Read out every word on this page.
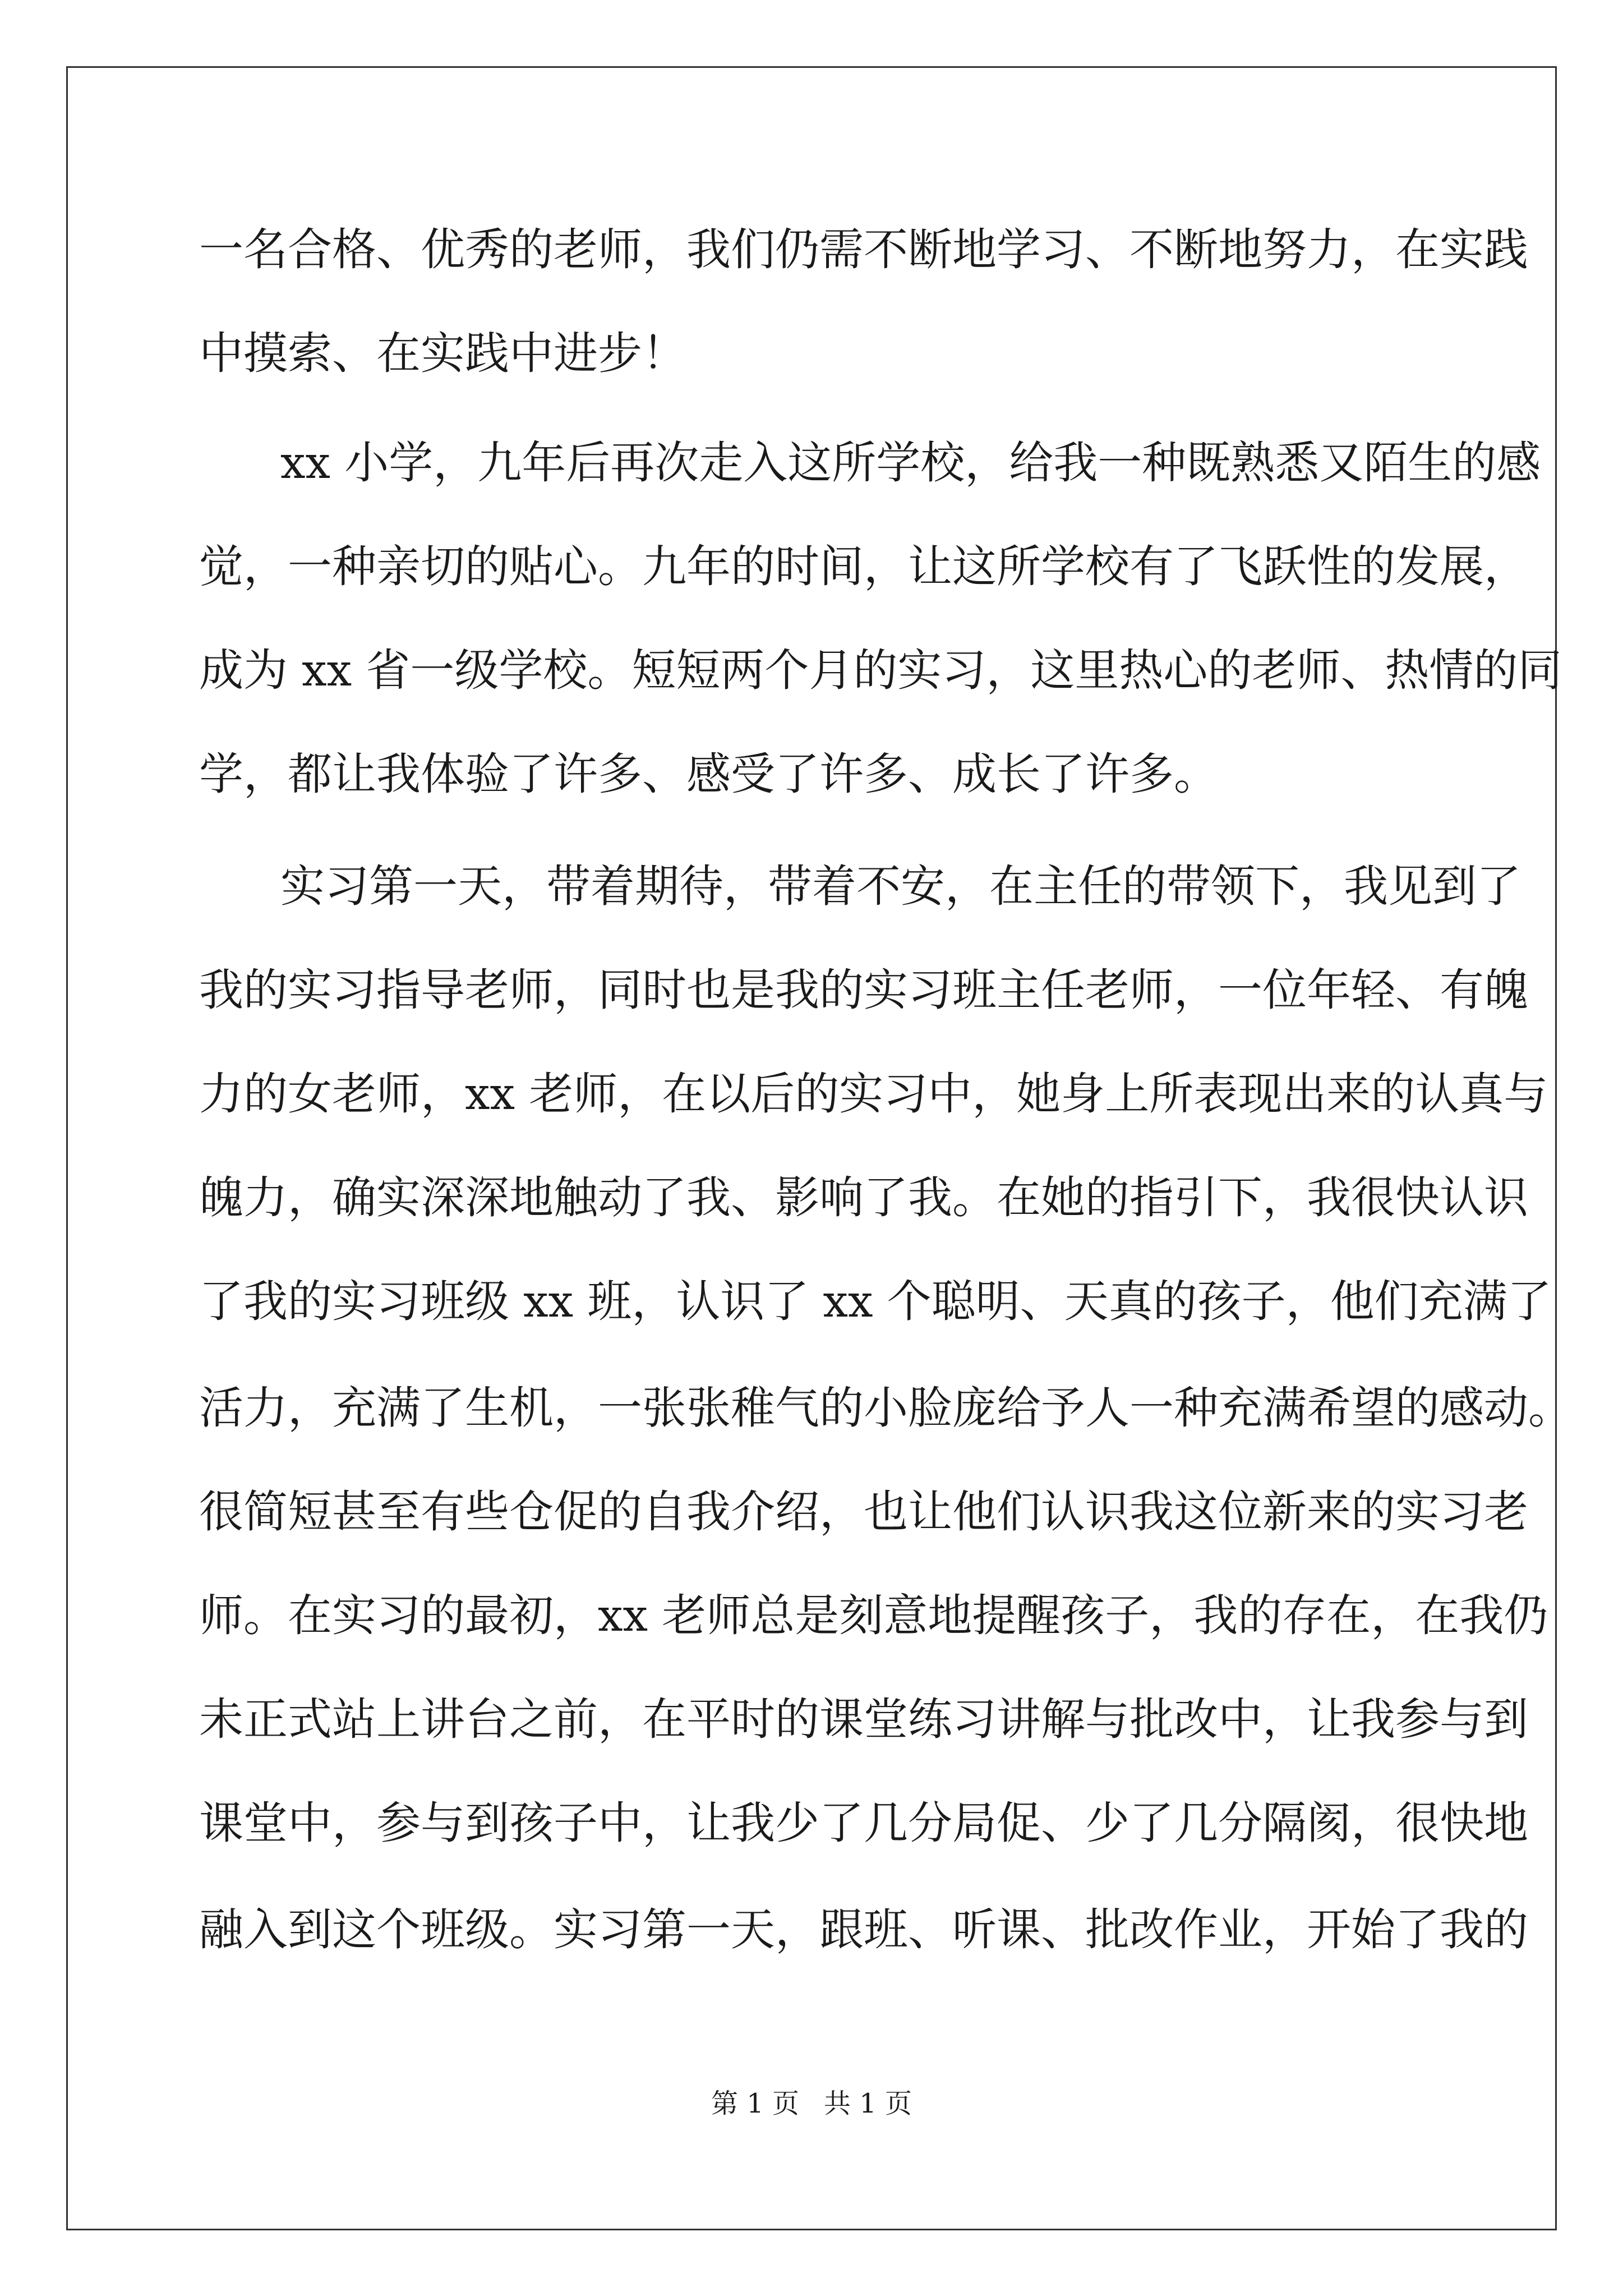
一名合格、优秀的老师，我们仍需不断地学习、不断地努力，在实践
中摸索、在实践中进步！
xx 小学，九年后再次走入这所学校，给我一种既熟悉又陌生的感
觉，一种亲切的贴心。九年的时间，让这所学校有了飞跃性的发展，
成为 xx 省一级学校。短短两个月的实习，这里热心的老师、热情的同
学，都让我体验了许多、感受了许多、成长了许多。
实习第一天，带着期待，带着不安，在主任的带领下，我见到了
我的实习指导老师，同时也是我的实习班主任老师，一位年轻、有魄
力的女老师，xx 老师，在以后的实习中，她身上所表现出来的认真与
魄力，确实深深地触动了我、影响了我。在她的指引下，我很快认识
了我的实习班级 xx 班，认识了 xx 个聪明、天真的孩子，他们充满了
活力，充满了生机，一张张稚气的小脸庞给予人一种充满希望的感动。
很简短甚至有些仓促的自我介绍，也让他们认识我这位新来的实习老
师。在实习的最初，xx 老师总是刻意地提醒孩子，我的存在，在我仍
未正式站上讲台之前，在平时的课堂练习讲解与批改中，让我参与到
课堂中，参与到孩子中，让我少了几分局促、少了几分隔阂，很快地
融入到这个班级。实习第一天，跟班、听课、批改作业，开始了我的
第 1 页 共 1 页
